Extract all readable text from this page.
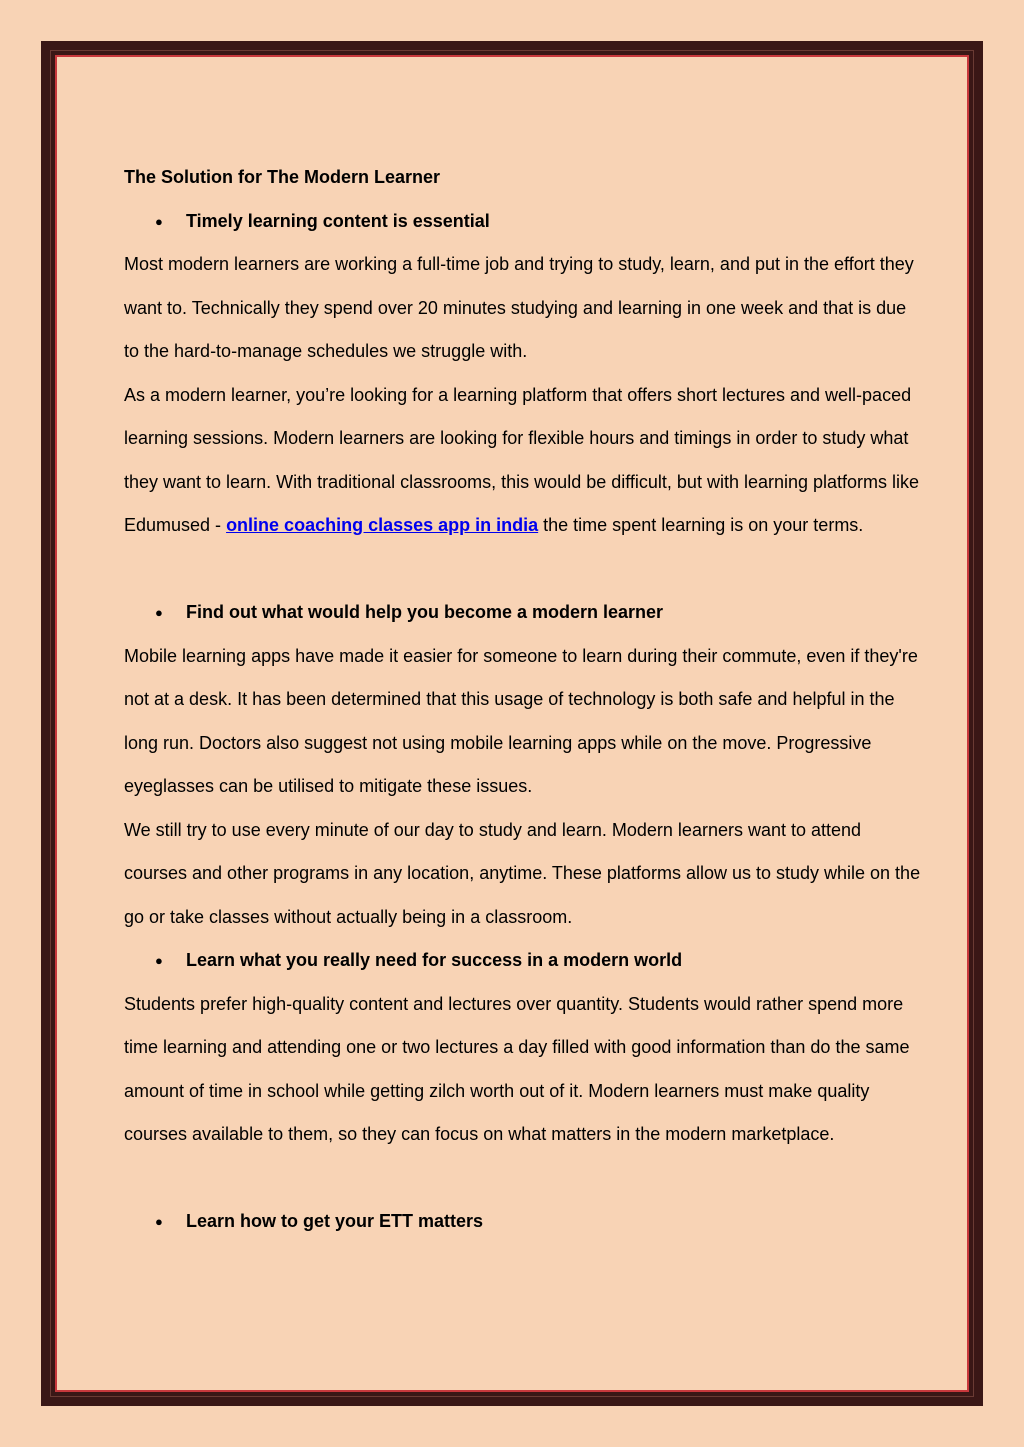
The Solution for The Modern Learner

● Timely learning content is essential

Most modern learners are working a full-time job and trying to study, learn, and put in the effort they want to. Technically they spend over 20 minutes studying and learning in one week and that is due to the hard-to-manage schedules we struggle with.

As a modern learner, you’re looking for a learning platform that offers short lectures and well-paced learning sessions. Modern learners are looking for flexible hours and timings in order to study what they want to learn. With traditional classrooms, this would be difficult, but with learning platforms like Edumused - online coaching classes app in india the time spent learning is on your terms.

● Find out what would help you become a modern learner

Mobile learning apps have made it easier for someone to learn during their commute, even if they're not at a desk. It has been determined that this usage of technology is both safe and helpful in the long run. Doctors also suggest not using mobile learning apps while on the move. Progressive eyeglasses can be utilised to mitigate these issues.

We still try to use every minute of our day to study and learn. Modern learners want to attend courses and other programs in any location, anytime. These platforms allow us to study while on the go or take classes without actually being in a classroom.

● Learn what you really need for success in a modern world

Students prefer high-quality content and lectures over quantity. Students would rather spend more time learning and attending one or two lectures a day filled with good information than do the same amount of time in school while getting zilch worth out of it. Modern learners must make quality courses available to them, so they can focus on what matters in the modern marketplace.

● Learn how to get your ETT matters
